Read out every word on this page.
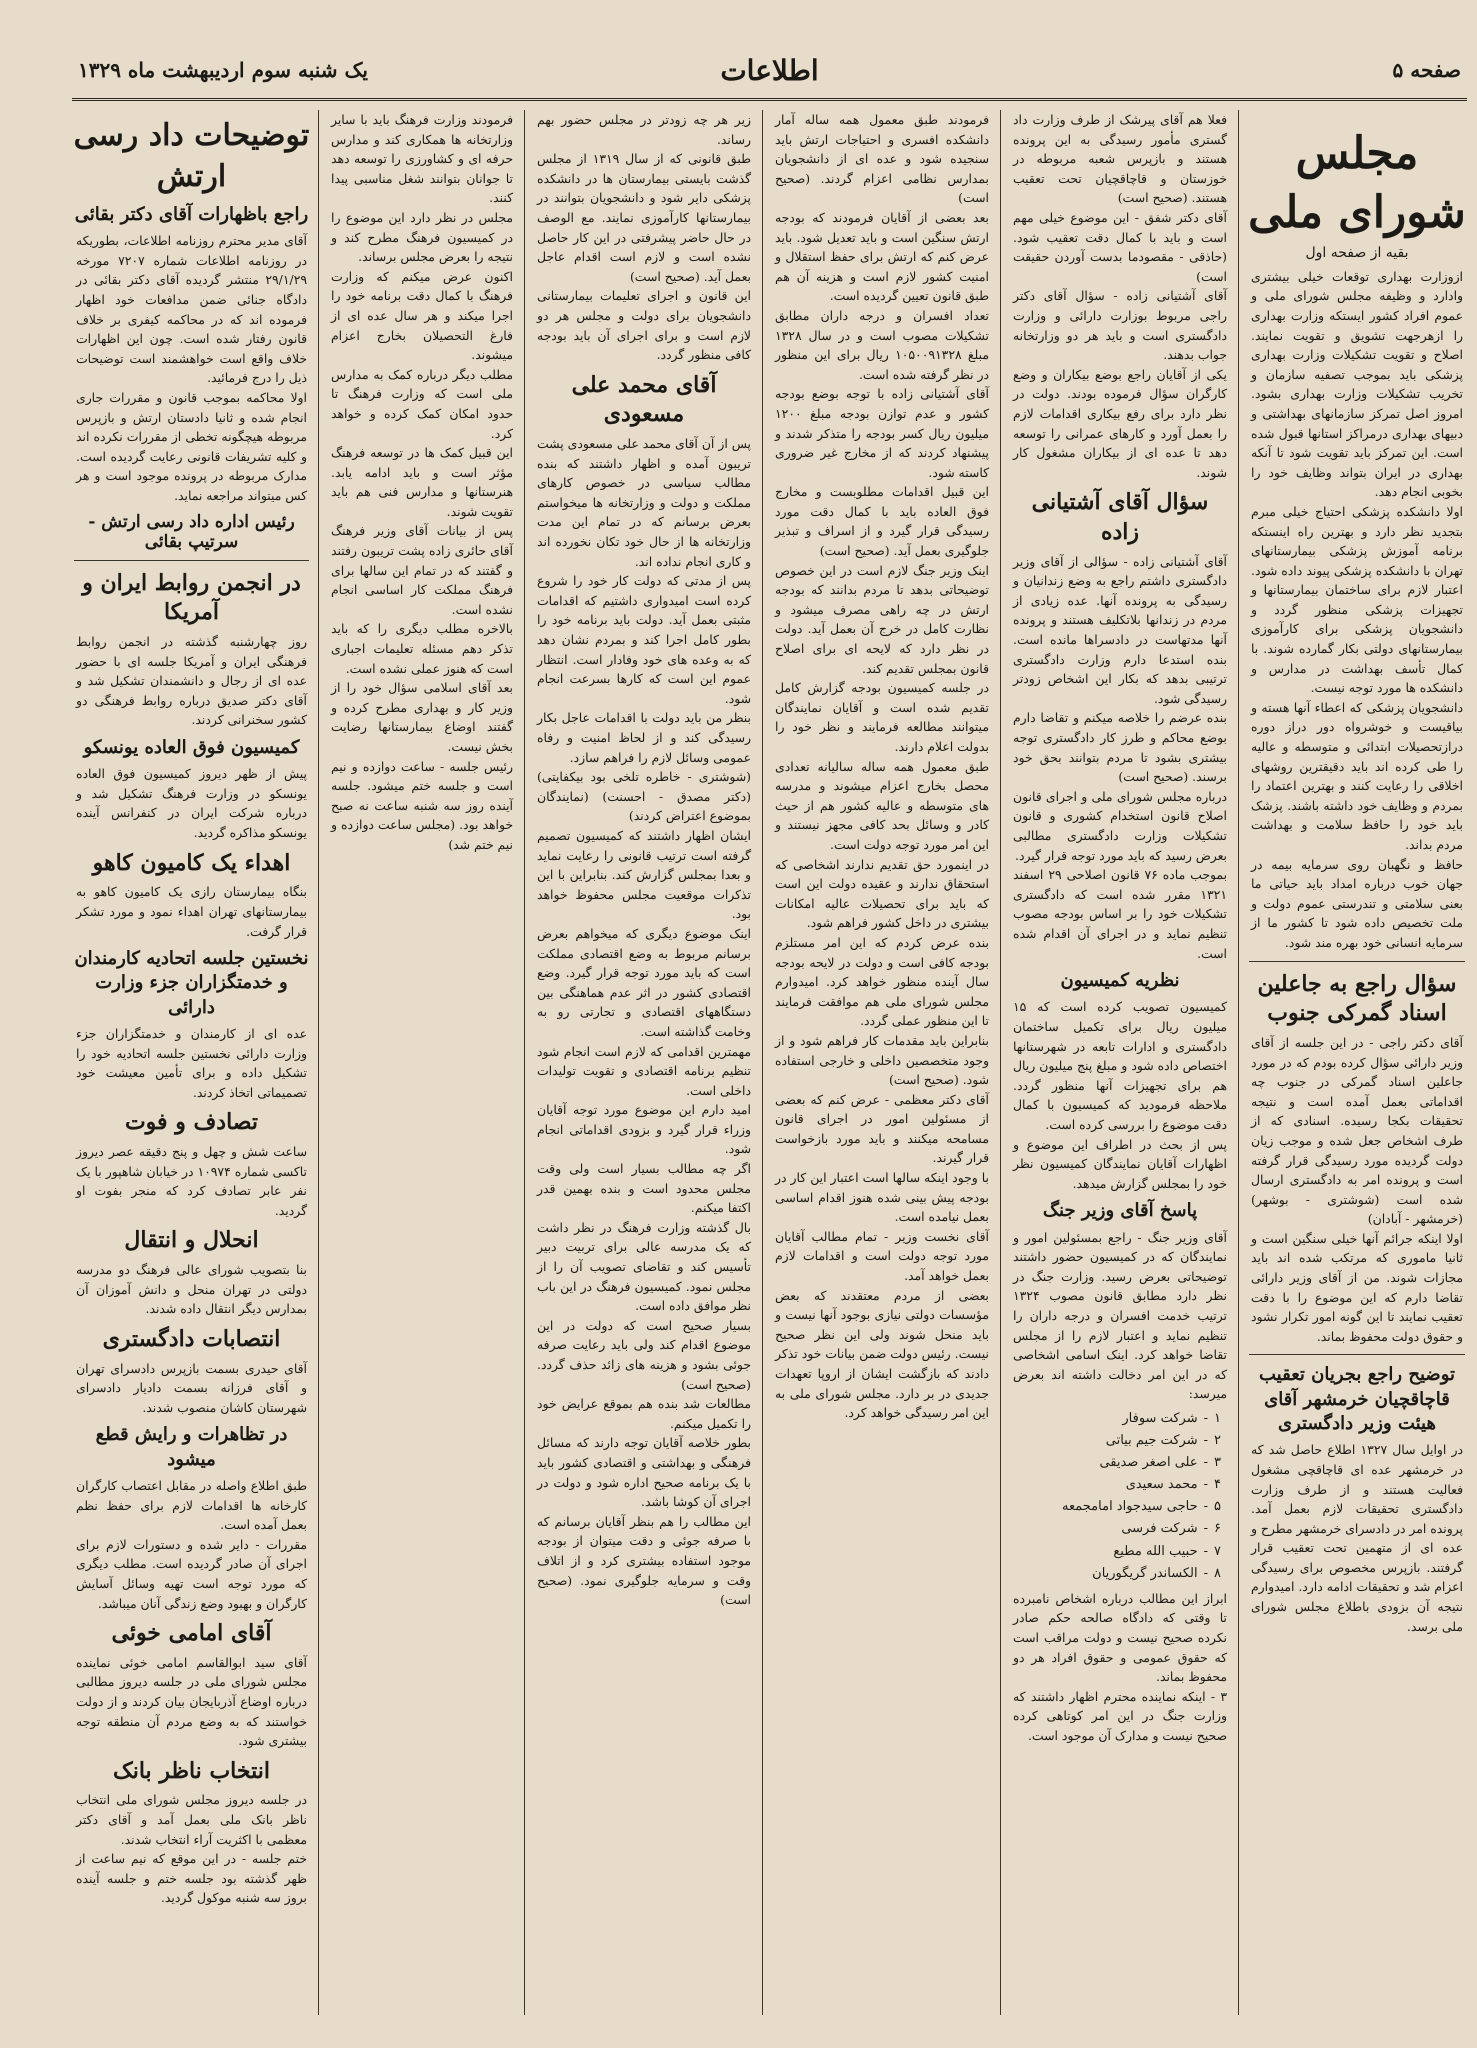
صفحه ۵
اطلاعات
یک شنبه سوم اردیبهشت ماه ۱۳۲۹
مجلس شورای ملی
بقیه از صفحه اول

ازوزارت بهداری توقعات خیلی بیشتری وادارد و وظیفه مجلس شورای ملی و عموم افراد کشور ایستکه وزارت بهداری را ازهرجهت تشویق و تقویت نمایند. اصلاح و تقویت تشکیلات وزارت بهداری پزشکی باید بموجب تصفیه سازمان و تخریب تشکیلات وزارت بهداری بشود. امروز اصل تمرکز سازمانهای بهداشتی و دبیهای بهداری درمراکز استانها قبول شده است. این تمرکز باید تقویت شود تا آنکه بهداری در ایران بتواند وظایف خود را بخوبی انجام دهد.

اولا دانشکده پزشکی احتیاج خیلی مبرم بتجدید نظر دارد و بهترین راه اینستکه برنامه آموزش پزشکی بیمارستانهای تهران با دانشکده پزشکی پیوند داده شود. اعتبار لازم برای ساختمان بیمارستانها و تجهیزات پزشکی منظور گردد و دانشجویان پزشکی برای کارآموزی بیمارستانهای دولتی بکار گمارده شوند. با کمال تأسف بهداشت در مدارس و دانشکده ها مورد توجه نیست.

دانشجویان پزشکی که اعطاء آنها هسته و بیاقیست و خوشرواه دور دراز دوره درازتحصیلات ابتدائی و متوسطه و عالیه را طی کرده اند باید دقیقترین روشهای اخلاقی را رعایت کنند و بهترین اعتماد را بمردم و وظایف خود داشته باشند. پزشک باید خود را حافظ سلامت و بهداشت مردم بداند.

حافظ و نگهبان روی سرمایه بیمه در جهان خوب درباره امداد باید حیاتی ما بعنی سلامتی و تندرستی عموم دولت و ملت تخصیص داده شود تا کشور ما از سرمایه انسانی خود بهره مند شود.

سؤال راجع به جاعلین اسناد گمرکی جنوب

آقای دکتر راجی - در این جلسه از آقای وزیر دارائی سؤال کرده بودم که در مورد جاعلین اسناد گمرکی در جنوب چه اقداماتی بعمل آمده است و نتیجه تحقیقات بکجا رسیده. اسنادی که از طرف اشخاص جعل شده و موجب زیان دولت گردیده مورد رسیدگی قرار گرفته است و پرونده امر به دادگستری ارسال شده است (شوشتری - بوشهر) (خرمشهر - آبادان)

اولا اینکه جرائم آنها خیلی سنگین است و ثانیا ماموری که مرتکب شده اند باید مجازات شوند. من از آقای وزیر دارائی تقاضا دارم که این موضوع را با دقت تعقیب نمایند تا این گونه امور تکرار نشود و حقوق دولت محفوظ بماند.

توضیح راجع بجریان تعقیب قاچاقچیان خرمشهر آقای هیئت وزیر دادگستری

در اوایل سال ۱۳۲۷ اطلاع حاصل شد که در خرمشهر عده ای قاچاقچی مشغول فعالیت هستند و از طرف وزارت دادگستری تحقیقات لازم بعمل آمد. پرونده امر در دادسرای خرمشهر مطرح و عده ای از متهمین تحت تعقیب قرار گرفتند. بازپرس مخصوص برای رسیدگی اعزام شد و تحقیقات ادامه دارد. امیدوارم نتیجه آن بزودی باطلاع مجلس شورای ملی برسد.

فعلا هم آقای پیرشک از طرف وزارت داد گستری مأمور رسیدگی به این پرونده هستند و بازپرس شعبه مربوطه در خوزستان و قاچاقچیان تحت تعقیب هستند. (صحیح است)

آقای دکتر شفق - این موضوع خیلی مهم است و باید با کمال دقت تعقیب شود. (حاذقی - مقصودما بدست آوردن حقیقت است)

آقای آشتیانی زاده - سؤال آقای دکتر راجی مربوط بوزارت دارائی و وزارت دادگستری است و باید هر دو وزارتخانه جواب بدهند.

یکی از آقایان راجع بوضع بیکاران و وضع کارگران سؤال فرموده بودند. دولت در نظر دارد برای رفع بیکاری اقدامات لازم را بعمل آورد و کارهای عمرانی را توسعه دهد تا عده ای از بیکاران مشغول کار شوند.

سؤال آقای آشتیانی زاده

آقای آشتیانی زاده - سؤالی از آقای وزیر دادگستری داشتم راجع به وضع زندانیان و رسیدگی به پرونده آنها. عده زیادی از مردم در زندانها بلاتکلیف هستند و پرونده آنها مدتهاست در دادسراها مانده است. بنده استدعا دارم وزارت دادگستری ترتیبی بدهد که بکار این اشخاص زودتر رسیدگی شود.

بنده عرضم را خلاصه میکنم و تقاضا دارم بوضع محاکم و طرز کار دادگستری توجه بیشتری بشود تا مردم بتوانند بحق خود برسند. (صحیح است)

درباره مجلس شورای ملی و اجرای قانون اصلاح قانون استخدام کشوری و قانون تشکیلات وزارت دادگستری مطالبی بعرض رسید که باید مورد توجه قرار گیرد.

بموجب ماده ۷۶ قانون اصلاحی ۲۹ اسفند ۱۳۲۱ مقرر شده است که دادگستری تشکیلات خود را بر اساس بودجه مصوب تنظیم نماید و در اجرای آن اقدام شده است.

نظریه کمیسیون

کمیسیون تصویب کرده است که ۱۵ میلیون ریال برای تکمیل ساختمان دادگستری و ادارات تابعه در شهرستانها اختصاص داده شود و مبلغ پنج میلیون ریال هم برای تجهیزات آنها منظور گردد. ملاحظه فرمودید که کمیسیون با کمال دقت موضوع را بررسی کرده است.

پس از بحث در اطراف این موضوع و اظهارات آقایان نمایندگان کمیسیون نظر خود را بمجلس گزارش میدهد.

پاسخ آقای وزیر جنگ

آقای وزیر جنگ - راجع بمسئولین امور و نمایندگان که در کمیسیون حضور داشتند توضیحاتی بعرض رسید. وزارت جنگ در نظر دارد مطابق قانون مصوب ۱۳۲۴ ترتیب خدمت افسران و درجه داران را تنظیم نماید و اعتبار لازم را از مجلس تقاضا خواهد کرد. اینک اسامی اشخاصی که در این امر دخالت داشته اند بعرض میرسد:

۱
-
شرکت سوفار
۲
-
شرکت جیم بیاتی
۳
-
علی اصغر صدیقی
۴
-
محمد سعیدی
۵
-
حاجی سیدجواد امامجمعه
۶
-
شرکت فرسی
۷
-
حبیب الله مطیع
۸
-
الکساندر گریگوریان

ابراز این مطالب درباره اشخاص نامبرده تا وقتی که دادگاه صالحه حکم صادر نکرده صحیح نیست و دولت مراقب است که حقوق عمومی و حقوق افراد هر دو محفوظ بماند.

۳ - اینکه نماینده محترم اظهار داشتند که وزارت جنگ در این امر کوتاهی کرده صحیح نیست و مدارک آن موجود است.

فرمودند طبق معمول همه ساله آمار دانشکده افسری و احتیاجات ارتش باید سنجیده شود و عده ای از دانشجویان بمدارس نظامی اعزام گردند. (صحیح است)

بعد بعضی از آقایان فرمودند که بودجه ارتش سنگین است و باید تعدیل شود. باید عرض کنم که ارتش برای حفظ استقلال و امنیت کشور لازم است و هزینه آن هم طبق قانون تعیین گردیده است.

تعداد افسران و درجه داران مطابق تشکیلات مصوب است و در سال ۱۳۲۸ مبلغ ۱۰۵۰۰۹۱۳۲۸ ریال برای این منظور در نظر گرفته شده است.

آقای آشتیانی زاده با توجه بوضع بودجه کشور و عدم توازن بودجه مبلغ ۱۲۰۰ میلیون ریال کسر بودجه را متذکر شدند و پیشنهاد کردند که از مخارج غیر ضروری کاسته شود.

این قبیل اقدامات مطلوبست و مخارج فوق العاده باید با کمال دقت مورد رسیدگی قرار گیرد و از اسراف و تبذیر جلوگیری بعمل آید. (صحیح است)

اینک وزیر جنگ لازم است در این خصوص توضیحاتی بدهد تا مردم بدانند که بودجه ارتش در چه راهی مصرف میشود و نظارت کامل در خرج آن بعمل آید. دولت در نظر دارد که لایحه ای برای اصلاح قانون بمجلس تقدیم کند.

در جلسه کمیسیون بودجه گزارش کامل تقدیم شده است و آقایان نمایندگان میتوانند مطالعه فرمایند و نظر خود را بدولت اعلام دارند.

طبق معمول همه ساله سالیانه تعدادی محصل بخارج اعزام میشوند و مدرسه های متوسطه و عالیه کشور هم از حیث کادر و وسائل بحد کافی مجهز نیستند و این امر مورد توجه دولت است.

در اینمورد حق تقدیم ندارند اشخاصی که استحقاق ندارند و عقیده دولت این است که باید برای تحصیلات عالیه امکانات بیشتری در داخل کشور فراهم شود.

بنده عرض کردم که این امر مستلزم بودجه کافی است و دولت در لایحه بودجه سال آینده منظور خواهد کرد. امیدوارم مجلس شورای ملی هم موافقت فرمایند تا این منظور عملی گردد.

بنابراین باید مقدمات کار فراهم شود و از وجود متخصصین داخلی و خارجی استفاده شود. (صحیح است)

آقای دکتر معظمی - عرض کنم که بعضی از مسئولین امور در اجرای قانون مسامحه میکنند و باید مورد بازخواست قرار گیرند.

با وجود اینکه سالها است اعتبار این کار در بودجه پیش بینی شده هنوز اقدام اساسی بعمل نیامده است.

آقای نخست وزیر - تمام مطالب آقایان مورد توجه دولت است و اقدامات لازم بعمل خواهد آمد.

بعضی از مردم معتقدند که بعض مؤسسات دولتی نیازی بوجود آنها نیست و باید منحل شوند ولی این نظر صحیح نیست. رئیس دولت ضمن بیانات خود تذکر دادند که بازگشت ایشان از اروپا تعهدات جدیدی در بر دارد. مجلس شورای ملی به این امر رسیدگی خواهد کرد.

زیر هر چه زودتر در مجلس حضور بهم رساند.

طبق قانونی که از سال ۱۳۱۹ از مجلس گذشت بایستی بیمارستان ها در دانشکده پزشکی دایر شود و دانشجویان بتوانند در بیمارستانها کارآموزی نمایند. مع الوصف در حال حاضر پیشرفتی در این کار حاصل نشده است و لازم است اقدام عاجل بعمل آید. (صحیح است)

این قانون و اجرای تعلیمات بیمارستانی دانشجویان برای دولت و مجلس هر دو لازم است و برای اجرای آن باید بودجه کافی منظور گردد.

آقای محمد علی مسعودی

پس از آن آقای محمد علی مسعودی پشت تریبون آمده و اظهار داشتند که بنده مطالب سیاسی در خصوص کارهای مملکت و دولت و وزارتخانه ها میخواستم بعرض برسانم که در تمام این مدت وزارتخانه ها از حال خود تکان نخورده اند و کاری انجام نداده اند.

پس از مدتی که دولت کار خود را شروع کرده است امیدواری داشتیم که اقدامات مثبتی بعمل آید. دولت باید برنامه خود را بطور کامل اجرا کند و بمردم نشان دهد که به وعده های خود وفادار است. انتظار عموم این است که کارها بسرعت انجام شود.

بنظر من باید دولت با اقدامات عاجل بکار رسیدگی کند و از لحاظ امنیت و رفاه عمومی وسائل لازم را فراهم سازد.

(شوشتری - خاطره تلخی بود بیکفایتی) (دکتر مصدق - احسنت) (نمایندگان بموضوع اعتراض کردند)

ایشان اظهار داشتند که کمیسیون تصمیم گرفته است ترتیب قانونی را رعایت نماید و بعدا بمجلس گزارش کند. بنابراین با این تذکرات موقعیت مجلس محفوظ خواهد بود.

اینک موضوع دیگری که میخواهم بعرض برسانم مربوط به وضع اقتصادی مملکت است که باید مورد توجه قرار گیرد. وضع اقتصادی کشور در اثر عدم هماهنگی بین دستگاههای اقتصادی و تجارتی رو به وخامت گذاشته است.

مهمترین اقدامی که لازم است انجام شود تنظیم برنامه اقتصادی و تقویت تولیدات داخلی است.

امید دارم این موضوع مورد توجه آقایان وزراء قرار گیرد و بزودی اقداماتی انجام شود.

اگر چه مطالب بسیار است ولی وقت مجلس محدود است و بنده بهمین قدر اکتفا میکنم.

بال گذشته وزارت فرهنگ در نظر داشت که یک مدرسه عالی برای تربیت دبیر تأسیس کند و تقاضای تصویب آن را از مجلس نمود. کمیسیون فرهنگ در این باب نظر موافق داده است.

بسیار صحیح است که دولت در این موضوع اقدام کند ولی باید رعایت صرفه جوئی بشود و هزینه های زائد حذف گردد. (صحیح است)

مطالعات شد بنده هم بموقع عرایض خود را تکمیل میکنم.

بطور خلاصه آقایان توجه دارند که مسائل فرهنگی و بهداشتی و اقتصادی کشور باید با یک برنامه صحیح اداره شود و دولت در اجرای آن کوشا باشد.

این مطالب را هم بنظر آقایان برسانم که با صرفه جوئی و دقت میتوان از بودجه موجود استفاده بیشتری کرد و از اتلاف وقت و سرمایه جلوگیری نمود. (صحیح است)

فرمودند وزارت فرهنگ باید با سایر وزارتخانه ها همکاری کند و مدارس حرفه ای و کشاورزی را توسعه دهد تا جوانان بتوانند شغل مناسبی پیدا کنند.

مجلس در نظر دارد این موضوع را در کمیسیون فرهنگ مطرح کند و نتیجه را بعرض مجلس برساند.

اکنون عرض میکنم که وزارت فرهنگ با کمال دقت برنامه خود را اجرا میکند و هر سال عده ای از فارغ التحصیلان بخارج اعزام میشوند.

مطلب دیگر درباره کمک به مدارس ملی است که وزارت فرهنگ تا حدود امکان کمک کرده و خواهد کرد.

این قبیل کمک ها در توسعه فرهنگ مؤثر است و باید ادامه یابد. هنرستانها و مدارس فنی هم باید تقویت شوند.

پس از بیانات آقای وزیر فرهنگ آقای حائری زاده پشت تریبون رفتند و گفتند که در تمام این سالها برای فرهنگ مملکت کار اساسی انجام نشده است.

بالاخره مطلب دیگری را که باید تذکر دهم مسئله تعلیمات اجباری است که هنوز عملی نشده است.

بعد آقای اسلامی سؤال خود را از وزیر کار و بهداری مطرح کرده و گفتند اوضاع بیمارستانها رضایت بخش نیست.

رئیس جلسه - ساعت دوازده و نیم است و جلسه ختم میشود. جلسه آینده روز سه شنبه ساعت نه صبح خواهد بود. (مجلس ساعت دوازده و نیم ختم شد)

توضیحات داد رسی ارتش
راجع باظهارات آقای دکتر بقائی

آقای مدیر محترم روزنامه اطلاعات، بطوریکه در روزنامه اطلاعات شماره ۷۲۰۷ مورخه ۲۹/۱/۲۹ منتشر گردیده آقای دکتر بقائی در دادگاه جنائی ضمن مدافعات خود اظهار فرموده اند که در محاکمه کیفری بر خلاف قانون رفتار شده است. چون این اظهارات خلاف واقع است خواهشمند است توضیحات ذیل را درج فرمائید.

اولا محاکمه بموجب قانون و مقررات جاری انجام شده و ثانیا دادستان ارتش و بازپرس مربوطه هیچگونه تخطی از مقررات نکرده اند و کلیه تشریفات قانونی رعایت گردیده است. مدارک مربوطه در پرونده موجود است و هر کس میتواند مراجعه نماید.

رئیس اداره داد رسی ارتش - سرتیپ بقائی
در انجمن روابط ایران و آمریکا

روز چهارشنبه گذشته در انجمن روابط فرهنگی ایران و آمریکا جلسه ای با حضور عده ای از رجال و دانشمندان تشکیل شد و آقای دکتر صدیق درباره روابط فرهنگی دو کشور سخنرانی کردند.

کمیسیون فوق العاده یونسکو

پیش از ظهر دیروز کمیسیون فوق العاده یونسکو در وزارت فرهنگ تشکیل شد و درباره شرکت ایران در کنفرانس آینده یونسکو مذاکره گردید.

اهداء یک کامیون کاهو

بنگاه بیمارستان رازی یک کامیون کاهو به بیمارستانهای تهران اهداء نمود و مورد تشکر قرار گرفت.

نخستین جلسه اتحادیه کارمندان و خدمتگزاران جزء وزارت دارائی

عده ای از کارمندان و خدمتگزاران جزء وزارت دارائی نخستین جلسه اتحادیه خود را تشکیل داده و برای تأمین معیشت خود تصمیماتی اتخاذ کردند.

تصادف و فوت

ساعت شش و چهل و پنج دقیقه عصر دیروز تاکسی شماره ۱۰۹۷۴ در خیابان شاهپور با یک نفر عابر تصادف کرد که منجر بفوت او گردید.

انحلال و انتقال

بنا بتصویب شورای عالی فرهنگ دو مدرسه دولتی در تهران منحل و دانش آموزان آن بمدارس دیگر انتقال داده شدند.

انتصابات دادگستری

آقای حیدری بسمت بازپرس دادسرای تهران و آقای فرزانه بسمت دادیار دادسرای شهرستان کاشان منصوب شدند.

در تظاهرات و رایش قطع میشود

طبق اطلاع واصله در مقابل اعتصاب کارگران کارخانه ها اقدامات لازم برای حفظ نظم بعمل آمده است.

مقررات - دایر شده و دستورات لازم برای اجرای آن صادر گردیده است. مطلب دیگری که مورد توجه است تهیه وسائل آسایش کارگران و بهبود وضع زندگی آنان میباشد.

آقای امامی خوئی

آقای سید ابوالقاسم امامی خوئی نماینده مجلس شورای ملی در جلسه دیروز مطالبی درباره اوضاع آذربایجان بیان کردند و از دولت خواستند که به وضع مردم آن منطقه توجه بیشتری شود.

انتخاب ناظر بانک

در جلسه دیروز مجلس شورای ملی انتخاب ناظر بانک ملی بعمل آمد و آقای دکتر معظمی با اکثریت آراء انتخاب شدند.

ختم جلسه - در این موقع که نیم ساعت از ظهر گذشته بود جلسه ختم و جلسه آینده بروز سه شنبه موکول گردید.
